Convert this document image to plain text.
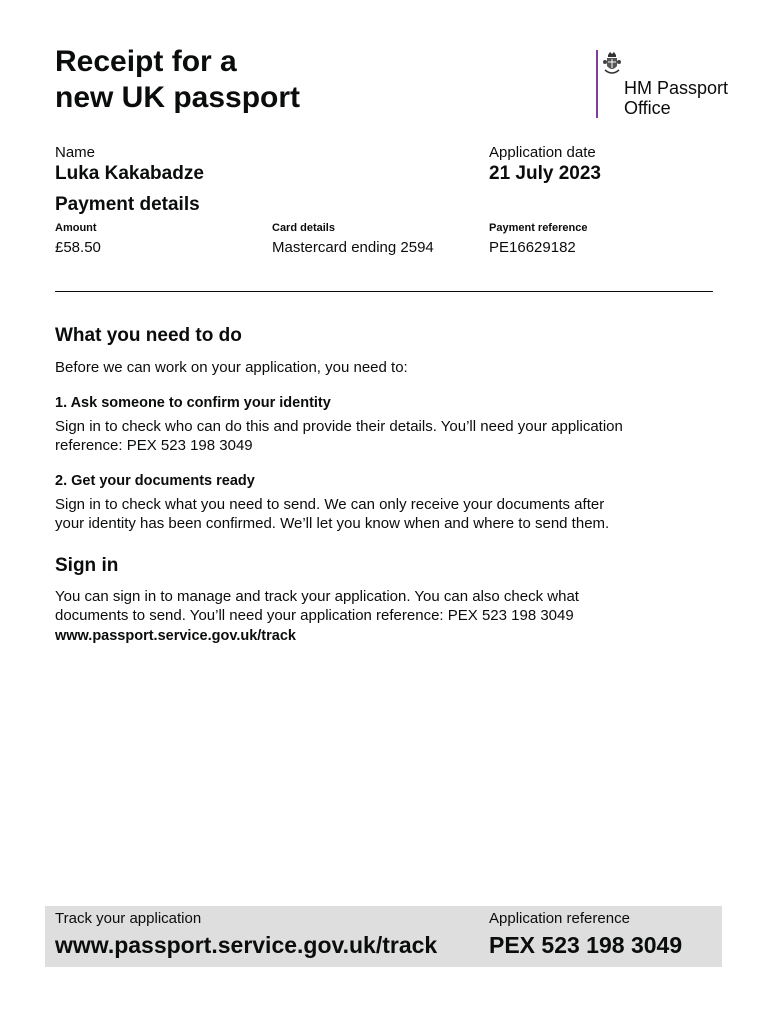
Receipt for a
new UK passport	HM Passport
Office
Name
Luka Kakabadze
Application date
21 July 2023
Payment details
Amount
£58.50
Card details
Mastercard ending 2594
Payment reference
PE16629182
What you need to do

Before we can work on your application, you need to:

1. Ask someone to confirm your identity

Sign in to check who can do this and provide their details. You’ll need your application

reference: PEX 523 198 3049

2. Get your documents ready

Sign in to check what you need to send. We can only receive your documents after

your identity has been confirmed. We’ll let you know when and where to send them.

Sign in

You can sign in to manage and track your application. You can also check what

documents to send. You’ll need your application reference: PEX 523 198 3049

www.passport.service.gov.uk/track
Track your application
www.passport.service.gov.uk/track
Application reference
PEX 523 198 3049
